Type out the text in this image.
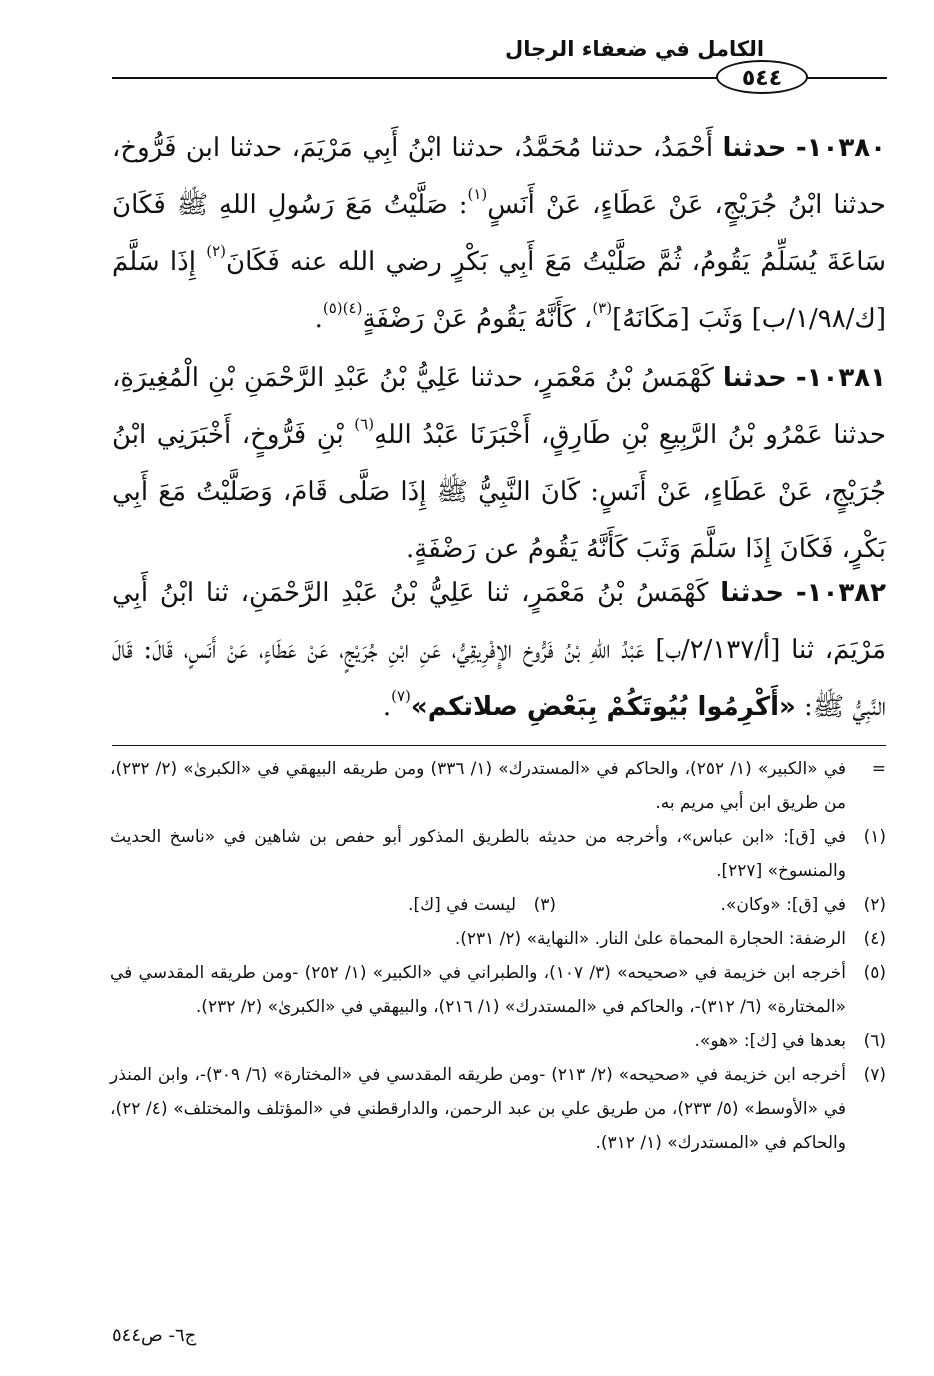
الكامل في ضعفاء الرجال
٥٤٤

١٠٣٨٠- حدثنا أَحْمَدُ، حدثنا مُحَمَّدُ، حدثنا ابْنُ أَبِي مَرْيَمَ، حدثنا ابن فَرُّوخ، حدثنا ابْنُ جُرَيْجٍ، عَنْ عَطَاءٍ، عَنْ أَنَسٍ$^{(١)}$: صَلَّيْتُ مَعَ رَسُولِ اللهِ ﷺ فَكَانَ سَاعَةَ يُسَلِّمُ يَقُومُ، ثُمَّ صَلَّيْتُ مَعَ أَبِي بَكْرٍ رضي الله عنه فَكَانَ$^{(٢)}$ إِذَا سَلَّمَ [ك/١/٩٨/ب] وَثَبَ [مَكَانَهُ]$^{(٣)}$، كَأَنَّهُ يَقُومُ عَنْ رَضْفَةٍ$^{(٤)(٥)}$.

١٠٣٨١- حدثنا كَهْمَسُ بْنُ مَعْمَرٍ، حدثنا عَلِيُّ بْنُ عَبْدِ الرَّحْمَنِ بْنِ الْمُغِيرَةِ، حدثنا عَمْرُو بْنُ الرَّبِيعِ بْنِ طَارِقٍ، أَخْبَرَنَا عَبْدُ اللهِ$^{(٦)}$ بْنِ فَرُّوخٍ، أَخْبَرَنِي ابْنُ جُرَيْجٍ، عَنْ عَطَاءٍ، عَنْ أَنَسٍ: كَانَ النَّبِيُّ ﷺ إِذَا صَلَّى قَامَ، وَصَلَّيْتُ مَعَ أَبِي بَكْرٍ، فَكَانَ إِذَا سَلَّمَ وَثَبَ كَأَنَّهُ يَقُومُ عن رَضْفَةٍ.

١٠٣٨٢- حدثنا كَهْمَسُ بْنُ مَعْمَرٍ، ثنا عَلِيُّ بْنُ عَبْدِ الرَّحْمَنِ، ثنا ابْنُ أَبِي مَرْيَمَ، ثنا [أ/٢/١٣٧/ب] عَبْدُ اللهِ بْنُ فَرُّوخ الإِفْرِيقِيُّ، عَنِ ابْنِ جُرَيْجٍ، عَنْ عَطَاءٍ، عَنْ أَنَسٍ، قَالَ: قَالَ النَّبِيُّ ﷺ: «أَكْرِمُوا بُيُوتَكُمْ بِبَعْضِ صلاتكم»$^{(٧)}$.

=
في «الكبير» (١/ ٢٥٢)، والحاكم في «المستدرك» (١/ ٣٣٦) ومن طريقه البيهقي في «الكبرىٰ» (٢/ ٢٣٢)، من طريق ابن أبي مريم به.
(١)
في [ق]: «ابن عباس»، وأخرجه من حديثه بالطريق المذكور أبو حفص بن شاهين في «ناسخ الحديث والمنسوخ» [٢٢٧].
(٢)
في [ق]: «وكان».
(٣)
ليست في [ك].
(٤)
الرضفة: الحجارة المحماة علىٰ النار. «النهاية» (٢/ ٢٣١).
(٥)
أخرجه ابن خزيمة في «صحيحه» (٣/ ١٠٧)، والطبراني في «الكبير» (١/ ٢٥٢) -ومن طريقه المقدسي في «المختارة» (٦/ ٣١٢)-، والحاكم في «المستدرك» (١/ ٢١٦)، والبيهقي في «الكبرىٰ» (٢/ ٢٣٢).
(٦)
بعدها في [ك]: «هو».
(٧)
أخرجه ابن خزيمة في «صحيحه» (٢/ ٢١٣) -ومن طريقه المقدسي في «المختارة» (٦/ ٣٠٩)-، وابن المنذر في «الأوسط» (٥/ ٢٣٣)، من طريق علي بن عبد الرحمن، والدارقطني في «المؤتلف والمختلف» (٤/ ٢٢)، والحاكم في «المستدرك» (١/ ٣١٢).
ج٦- ص٥٤٤
